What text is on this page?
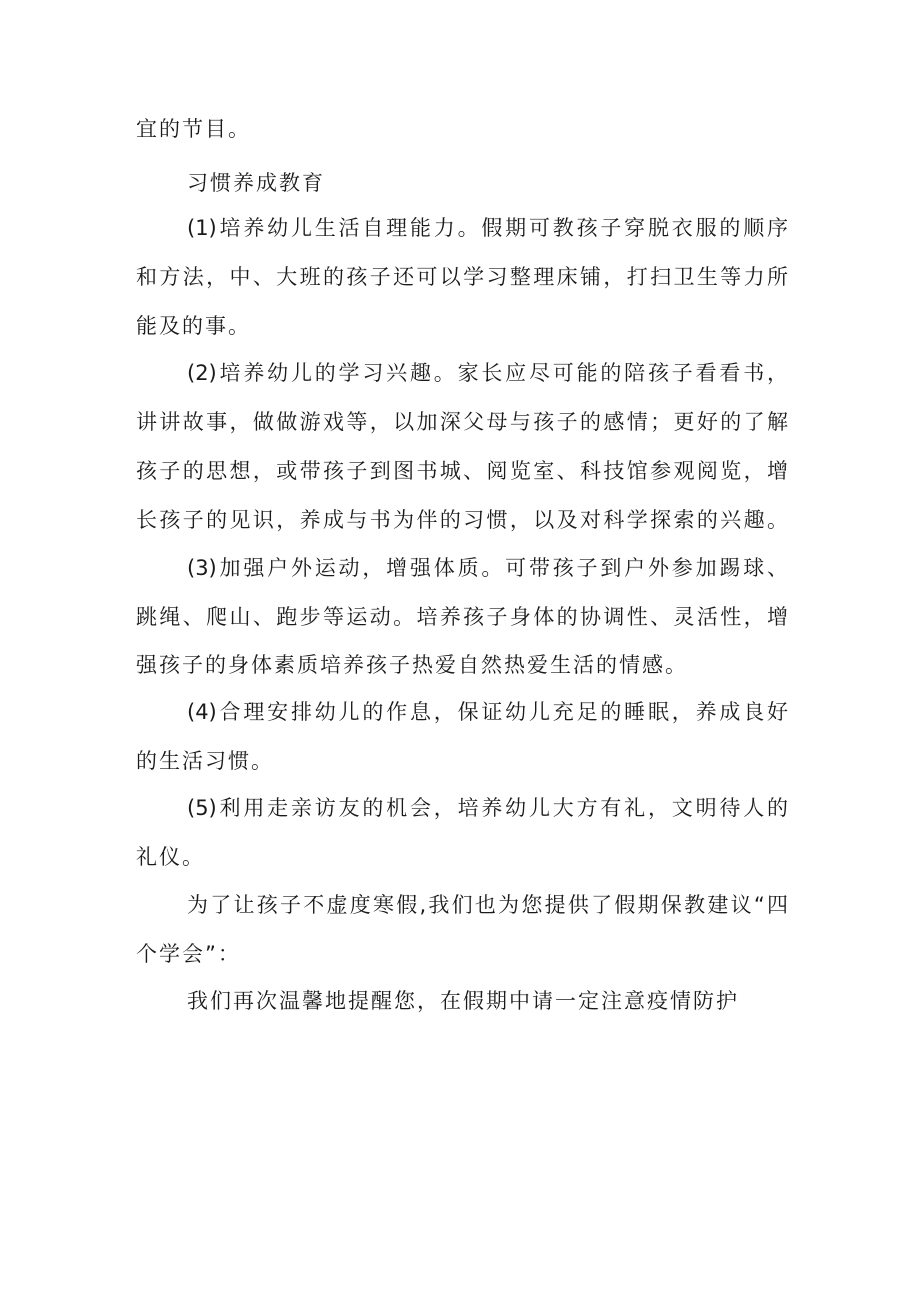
宜的节目。
习惯养成教育
(1)培养幼儿生活自理能力。假期可教孩子穿脱衣服的顺序
和方法，中、大班的孩子还可以学习整理床铺，打扫卫生等力所
能及的事。
(2)培养幼儿的学习兴趣。家长应尽可能的陪孩子看看书，
讲讲故事，做做游戏等，以加深父母与孩子的感情；更好的了解
孩子的思想，或带孩子到图书城、阅览室、科技馆参观阅览，增
长孩子的见识，养成与书为伴的习惯，以及对科学探索的兴趣。
(3)加强户外运动，增强体质。可带孩子到户外参加踢球、
跳绳、爬山、跑步等运动。培养孩子身体的协调性、灵活性，增
强孩子的身体素质培养孩子热爱自然热爱生活的情感。
(4)合理安排幼儿的作息，保证幼儿充足的睡眠，养成良好
的生活习惯。
(5)利用走亲访友的机会，培养幼儿大方有礼，文明待人的
礼仪。
为了让孩子不虚度寒假,我们也为您提供了假期保教建议“四
个学会”：
我们再次温馨地提醒您，在假期中请一定注意疫情防护
